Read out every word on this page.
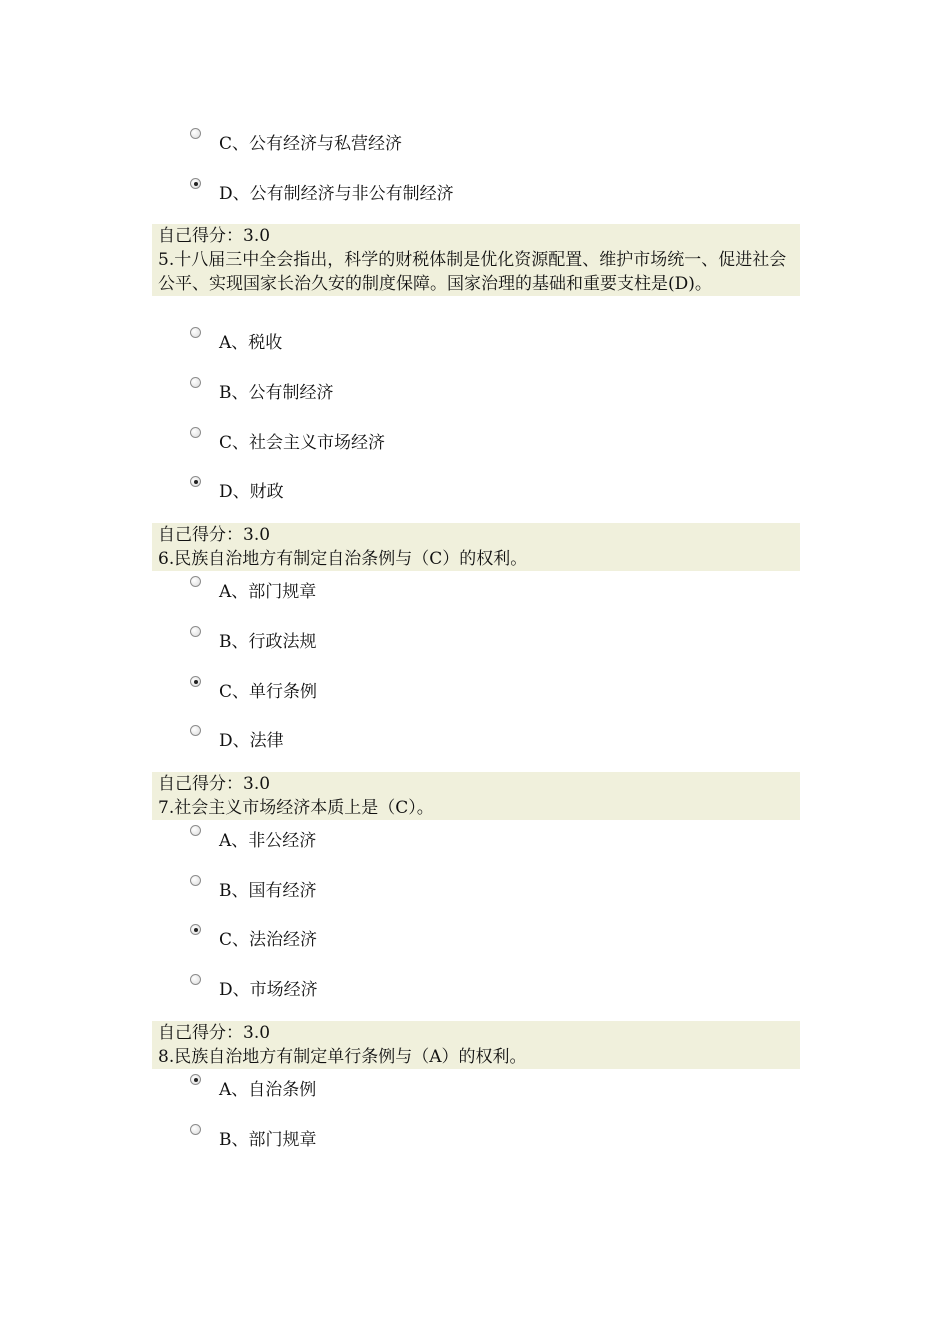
C、公有经济与私营经济
D、公有制经济与非公有制经济
自己得分：3.0
5.十八届三中全会指出，科学的财税体制是优化资源配置、维护市场统一、促进社会公平、实现国家长治久安的制度保障。国家治理的基础和重要支柱是(D)。
A、税收
B、公有制经济
C、社会主义市场经济
D、财政
自己得分：3.0
6.民族自治地方有制定自治条例与（C）的权利。
A、部门规章
B、行政法规
C、单行条例
D、法律
自己得分：3.0
7.社会主义市场经济本质上是（C）。
A、非公经济
B、国有经济
C、法治经济
D、市场经济
自己得分：3.0
8.民族自治地方有制定单行条例与（A）的权利。
A、自治条例
B、部门规章
